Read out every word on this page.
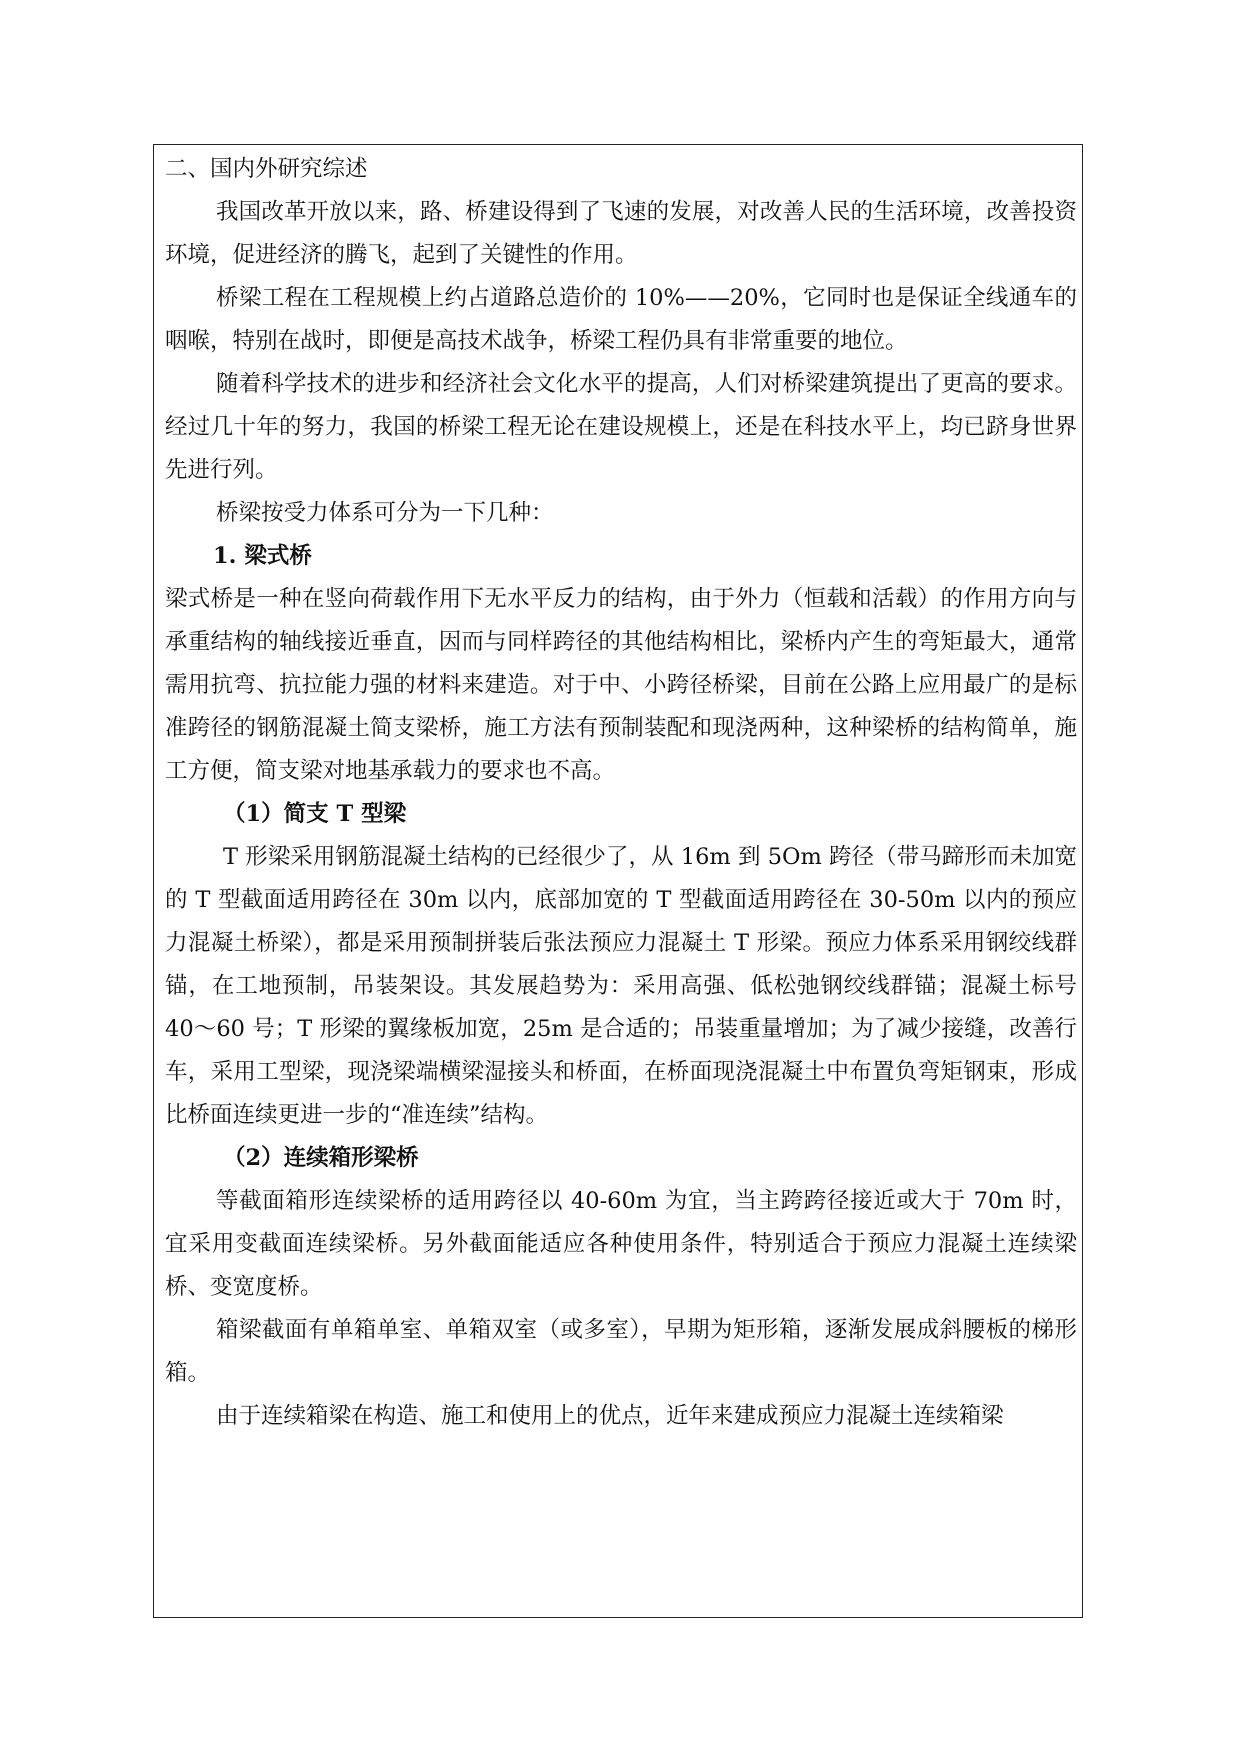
二、国内外研究综述

我国改革开放以来，路、桥建设得到了飞速的发展，对改善人民的生活环境，改善投资环境，促进经济的腾飞，起到了关键性的作用。

桥梁工程在工程规模上约占道路总造价的 10%——20%，它同时也是保证全线通车的咽喉，特别在战时，即便是高技术战争，桥梁工程仍具有非常重要的地位。

随着科学技术的进步和经济社会文化水平的提高，人们对桥梁建筑提出了更高的要求。经过几十年的努力，我国的桥梁工程无论在建设规模上，还是在科技水平上，均已跻身世界先进行列。

桥梁按受力体系可分为一下几种：

1. 梁式桥

梁式桥是一种在竖向荷载作用下无水平反力的结构，由于外力（恒载和活载）的作用方向与承重结构的轴线接近垂直，因而与同样跨径的其他结构相比，梁桥内产生的弯矩最大，通常需用抗弯、抗拉能力强的材料来建造。对于中、小跨径桥梁，目前在公路上应用最广的是标准跨径的钢筋混凝土简支梁桥，施工方法有预制装配和现浇两种，这种梁桥的结构简单，施工方便，简支梁对地基承载力的要求也不高。

（1）简支 T 型梁

T 形梁采用钢筋混凝土结构的已经很少了，从 16m 到 5Om 跨径（带马蹄形而未加宽的 T 型截面适用跨径在 30m 以内，底部加宽的 T 型截面适用跨径在 30-50m 以内的预应力混凝土桥梁），都是采用预制拼装后张法预应力混凝土 T 形梁。预应力体系采用钢绞线群锚，在工地预制，吊装架设。其发展趋势为：采用高强、低松弛钢绞线群锚；混凝土标号 40～60 号；T 形梁的翼缘板加宽，25m 是合适的；吊装重量增加；为了减少接缝，改善行车，采用工型梁，现浇梁端横梁湿接头和桥面，在桥面现浇混凝土中布置负弯矩钢束，形成比桥面连续更进一步的“准连续”结构。

（2）连续箱形梁桥

等截面箱形连续梁桥的适用跨径以 40-60m 为宜，当主跨跨径接近或大于 70m 时，宜采用变截面连续梁桥。另外截面能适应各种使用条件，特别适合于预应力混凝土连续梁桥、变宽度桥。

箱梁截面有单箱单室、单箱双室（或多室），早期为矩形箱，逐渐发展成斜腰板的梯形箱。

由于连续箱梁在构造、施工和使用上的优点，近年来建成预应力混凝土连续箱梁
